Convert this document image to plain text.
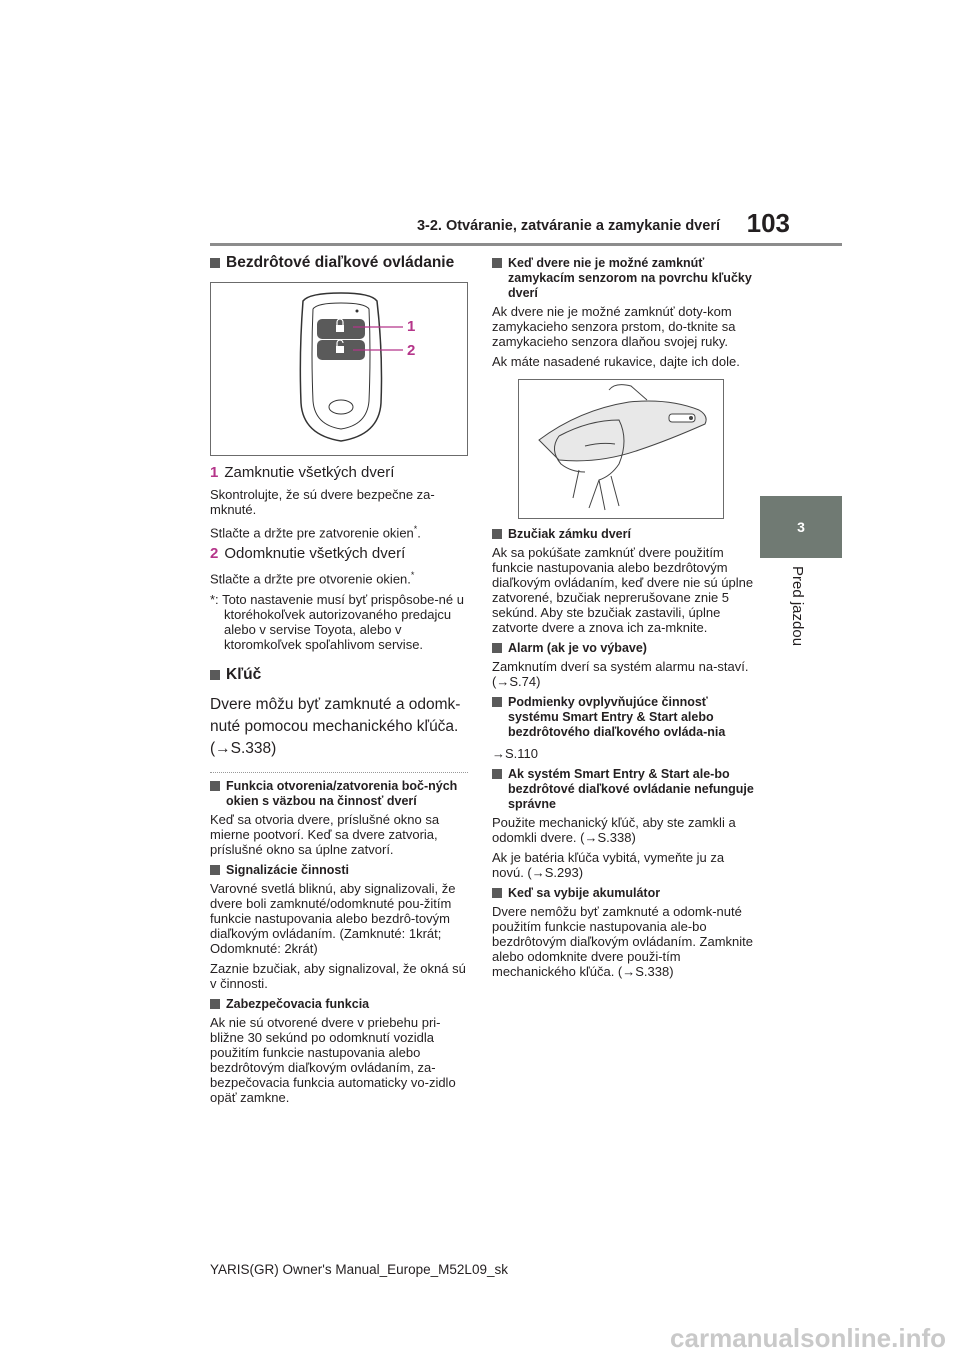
3-2. Otváranie, zatváranie a zamykanie dverí	103
3
Pred jazdou
Bezdrôtové diaľkové ovládanie
1
2
1 Zamknutie všetkých dverí

Skontrolujte, že sú dvere bezpečne za-mknuté.

Stlačte a držte pre zatvorenie okien*.

2 Odomknutie všetkých dverí

Stlačte a držte pre otvorenie okien.*

*: Toto nastavenie musí byť prispôsobe-né u ktoréhokoľvek autorizovaného predajcu alebo v servise Toyota, alebo v ktoromkoľvek spoľahlivom servise.
Kľúč
Dvere môžu byť zamknuté a odomk-nuté pomocou mechanického kľúča.
(→S.338)
Funkcia otvorenia/zatvorenia boč-ných okien s väzbou na činnosť dverí

Keď sa otvoria dvere, príslušné okno sa mierne pootvorí. Keď sa dvere zatvoria, príslušné okno sa úplne zatvorí.

Signalizácie činnosti

Varovné svetlá bliknú, aby signalizovali, že dvere boli zamknuté/odomknuté pou-žitím funkcie nastupovania alebo bezdrô-tovým diaľkovým ovládaním. (Zamknuté: 1krát; Odomknuté: 2krát)

Zaznie bzučiak, aby signalizoval, že okná sú v činnosti.

Zabezpečovacia funkcia

Ak nie sú otvorené dvere v priebehu pri-bližne 30 sekúnd po odomknutí vozidla použitím funkcie nastupovania alebo bezdrôtovým diaľkovým ovládaním, za-bezpečovacia funkcia automaticky vo-zidlo opäť zamkne.

Keď dvere nie je možné zamknúť zamykacím senzorom na povrchu kľučky dverí

Ak dvere nie je možné zamknúť doty-kom zamykacieho senzora prstom, do-tknite sa zamykacieho senzora dlaňou svojej ruky.

Ak máte nasadené rukavice, dajte ich dole.

Bzučiak zámku dverí

Ak sa pokúšate zamknúť dvere použitím funkcie nastupovania alebo bezdrôtovým diaľkovým ovládaním, keď dvere nie sú úplne zatvorené, bzučiak neprerušovane znie 5 sekúnd. Aby ste bzučiak zastavili, úplne zatvorte dvere a znova ich za-mknite.

Alarm (ak je vo výbave)

Zamknutím dverí sa systém alarmu na-staví. (→S.74)

Podmienky ovplyvňujúce činnosť systému Smart Entry & Start alebo bezdrôtového diaľkového ovláda-nia

→S.110

Ak systém Smart Entry & Start ale-bo bezdrôtové diaľkové ovládanie nefunguje správne

Použite mechanický kľúč, aby ste zamkli a odomkli dvere. (→S.338)

Ak je batéria kľúča vybitá, vymeňte ju za novú. (→S.293)

Keď sa vybije akumulátor

Dvere nemôžu byť zamknuté a odomk-nuté použitím funkcie nastupovania ale-bo bezdrôtovým diaľkovým ovládaním. Zamknite alebo odomknite dvere použi-tím mechanického kľúča. (→S.338)

YARIS(GR) Owner's Manual_Europe_M52L09_sk
carmanualsonline.info
